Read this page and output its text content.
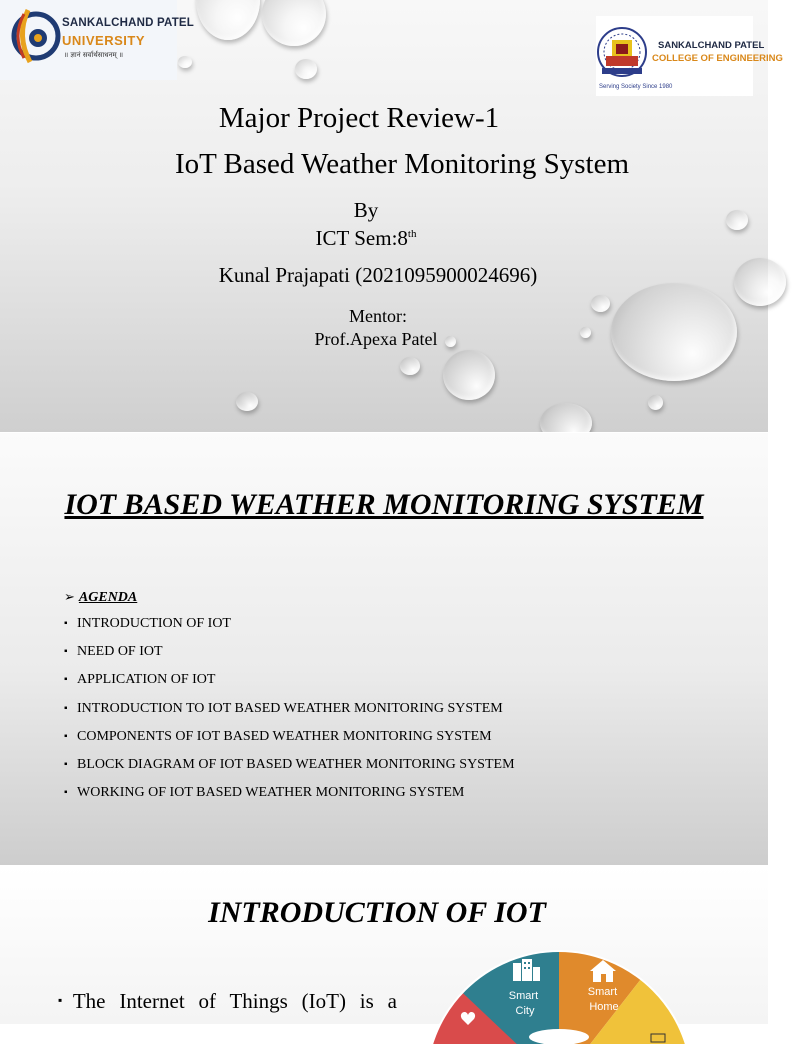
SANKALCHAND PATEL
UNIVERSITY
॥ ज्ञानं सर्वार्थसाधनम् ॥
SANKALCHAND PATEL
COLLEGE OF ENGINEERING
Serving Society Since 1980
Major Project Review-1
IoT Based Weather Monitoring System
By
ICT Sem:8th
Kunal Prajapati (2021095900024696)
Mentor:
Prof.Apexa Patel
IOT BASED WEATHER MONITORING SYSTEM
➢ AGENDA
▪ INTRODUCTION OF IOT
▪ NEED OF IOT
▪ APPLICATION OF IOT
▪ INTRODUCTION TO IOT BASED WEATHER MONITORING SYSTEM
▪ COMPONENTS OF IOT BASED WEATHER MONITORING SYSTEM
▪ BLOCK DIAGRAM OF IOT BASED WEATHER MONITORING SYSTEM
▪ WORKING OF IOT BASED WEATHER MONITORING SYSTEM
INTRODUCTION OF IOT
▪The Internet of Things (IoT) is a	Smart City
Smart Home
